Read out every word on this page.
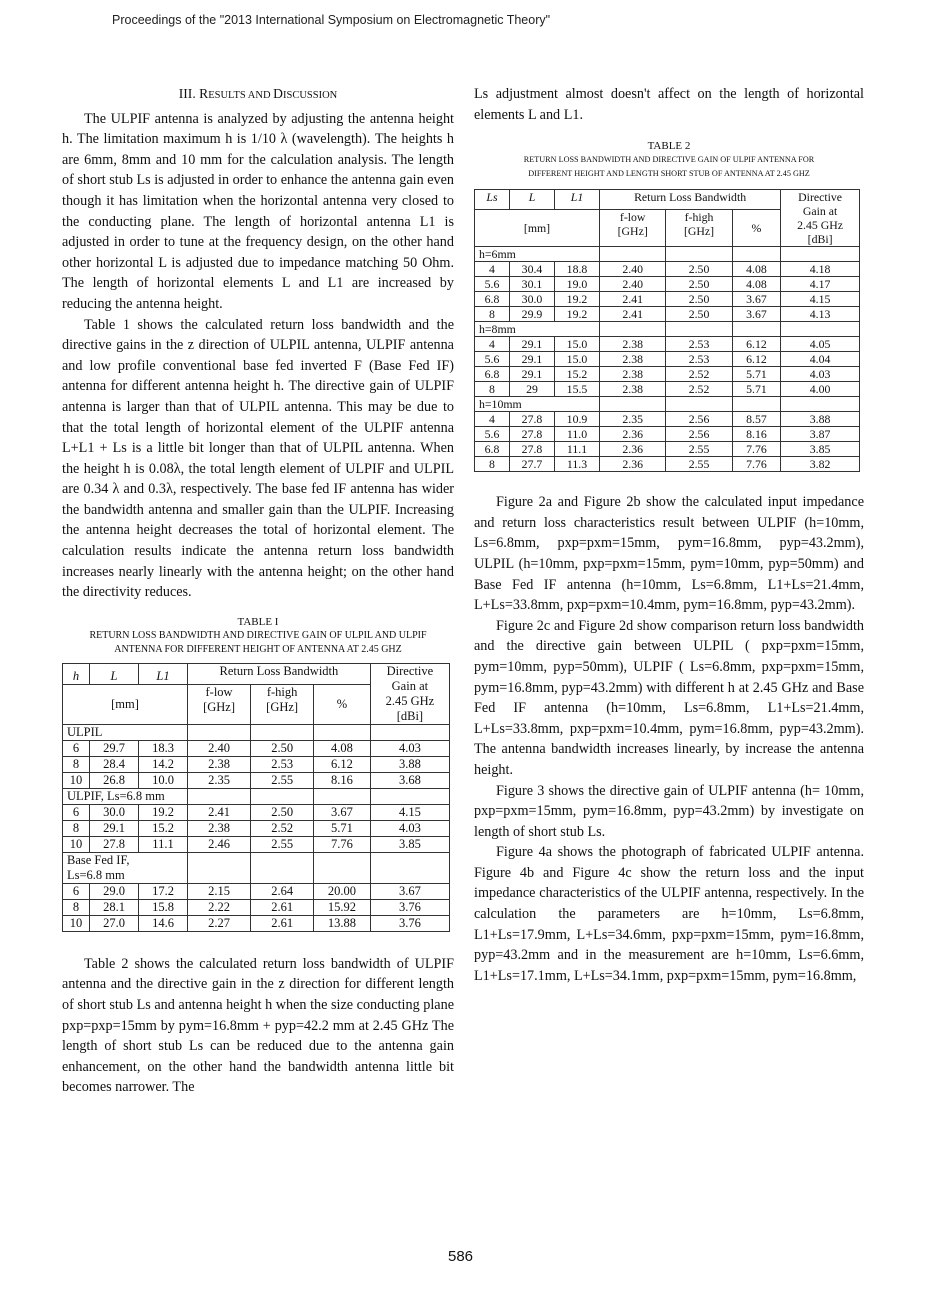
Proceedings of the "2013 International Symposium on Electromagnetic Theory"
III. RESULTS AND DISCUSSION

The ULPIF antenna is analyzed by adjusting the antenna height h. The limitation maximum h is 1/10 λ (wavelength). The heights h are 6mm, 8mm and 10 mm for the calculation analysis. The length of short stub Ls is adjusted in order to enhance the antenna gain even though it has limitation when the horizontal antenna very closed to the conducting plane. The length of horizontal antenna L1 is adjusted in order to tune at the frequency design, on the other hand other horizontal L is adjusted due to impedance matching 50 Ohm. The length of horizontal elements L and L1 are increased by reducing the antenna height.

Table 1 shows the calculated return loss bandwidth and the directive gains in the z direction of ULPIL antenna, ULPIF antenna and low profile conventional base fed inverted F (Base Fed IF) antenna for different antenna height h. The directive gain of ULPIF antenna is larger than that of ULPIL antenna. This may be due to that the total length of horizontal element of the ULPIF antenna L+L1 + Ls is a little bit longer than that of ULPIL antenna. When the height h is 0.08λ, the total length element of ULPIF and ULPIL are 0.34 λ and 0.3λ, respectively. The base fed IF antenna has wider the bandwidth antenna and smaller gain than the ULPIF. Increasing the antenna height decreases the total of horizontal element. The calculation results indicate the antenna return loss bandwidth increases nearly linearly with the antenna height; on the other hand the directivity reduces.

TABLE I
RETURN LOSS BANDWIDTH AND DIRECTIVE GAIN OF ULPIL AND ULPIF
ANTENNA FOR DIFFERENT HEIGHT OF ANTENNA AT 2.45 GHZ
h	L	L1	Return Loss Bandwidth			Directive
Gain at
2.45 GHz
[dBi]
[mm]			f-low
[GHz]	f-high
[GHz]	%	
ULPIL						
6	29.7	18.3	2.40	2.50	4.08	4.03
8	28.4	14.2	2.38	2.53	6.12	3.88
10	26.8	10.0	2.35	2.55	8.16	3.68
ULPIF, Ls=6.8 mm						
6	30.0	19.2	2.41	2.50	3.67	4.15
8	29.1	15.2	2.38	2.52	5.71	4.03
10	27.8	11.1	2.46	2.55	7.76	3.85
Base Fed IF,
Ls=6.8 mm						
6	29.0	17.2	2.15	2.64	20.00	3.67
8	28.1	15.8	2.22	2.61	15.92	3.76
10	27.0	14.6	2.27	2.61	13.88	3.76

Table 2 shows the calculated return loss bandwidth of ULPIF antenna and the directive gain in the z direction for different length of short stub Ls and antenna height h when the size conducting plane pxp=pxp=15mm by pym=16.8mm + pyp=42.2 mm at 2.45 GHz The length of short stub Ls can be reduced due to the antenna gain enhancement, on the other hand the bandwidth antenna little bit becomes narrower. The

Ls adjustment almost doesn't affect on the length of horizontal elements L and L1.

TABLE 2
RETURN LOSS BANDWIDTH AND DIRECTIVE GAIN OF ULPIF ANTENNA FOR
DIFFERENT HEIGHT AND LENGTH SHORT STUB OF ANTENNA AT 2.45 GHZ
Ls	L	L1	Return Loss Bandwidth			Directive
Gain at
2.45 GHz
[dBi]
[mm]			f-low
[GHz]	f-high
[GHz]	%	
h=6mm						
4	30.4	18.8	2.40	2.50	4.08	4.18
5.6	30.1	19.0	2.40	2.50	4.08	4.17
6.8	30.0	19.2	2.41	2.50	3.67	4.15
8	29.9	19.2	2.41	2.50	3.67	4.13
h=8mm						
4	29.1	15.0	2.38	2.53	6.12	4.05
5.6	29.1	15.0	2.38	2.53	6.12	4.04
6.8	29.1	15.2	2.38	2.52	5.71	4.03
8	29	15.5	2.38	2.52	5.71	4.00
h=10mm						
4	27.8	10.9	2.35	2.56	8.57	3.88
5.6	27.8	11.0	2.36	2.56	8.16	3.87
6.8	27.8	11.1	2.36	2.55	7.76	3.85
8	27.7	11.3	2.36	2.55	7.76	3.82

Figure 2a and Figure 2b show the calculated input impedance and return loss characteristics result between ULPIF (h=10mm, Ls=6.8mm, pxp=pxm=15mm, pym=16.8mm, pyp=43.2mm), ULPIL (h=10mm, pxp=pxm=15mm, pym=10mm, pyp=50mm) and Base Fed IF antenna (h=10mm, Ls=6.8mm, L1+Ls=21.4mm, L+Ls=33.8mm, pxp=pxm=10.4mm, pym=16.8mm, pyp=43.2mm).

Figure 2c and Figure 2d show comparison return loss bandwidth and the directive gain between ULPIL ( pxp=pxm=15mm, pym=10mm, pyp=50mm), ULPIF ( Ls=6.8mm, pxp=pxm=15mm, pym=16.8mm, pyp=43.2mm) with different h at 2.45 GHz and Base Fed IF antenna (h=10mm, Ls=6.8mm, L1+Ls=21.4mm, L+Ls=33.8mm, pxp=pxm=10.4mm, pym=16.8mm, pyp=43.2mm). The antenna bandwidth increases linearly, by increase the antenna height.

Figure 3 shows the directive gain of ULPIF antenna (h= 10mm, pxp=pxm=15mm, pym=16.8mm, pyp=43.2mm) by investigate on length of short stub Ls.

Figure 4a shows the photograph of fabricated ULPIF antenna. Figure 4b and Figure 4c show the return loss and the input impedance characteristics of the ULPIF antenna, respectively. In the calculation the parameters are h=10mm, Ls=6.8mm, L1+Ls=17.9mm, L+Ls=34.6mm, pxp=pxm=15mm, pym=16.8mm, pyp=43.2mm and in the measurement are h=10mm, Ls=6.6mm, L1+Ls=17.1mm, L+Ls=34.1mm, pxp=pxm=15mm, pym=16.8mm,

586
